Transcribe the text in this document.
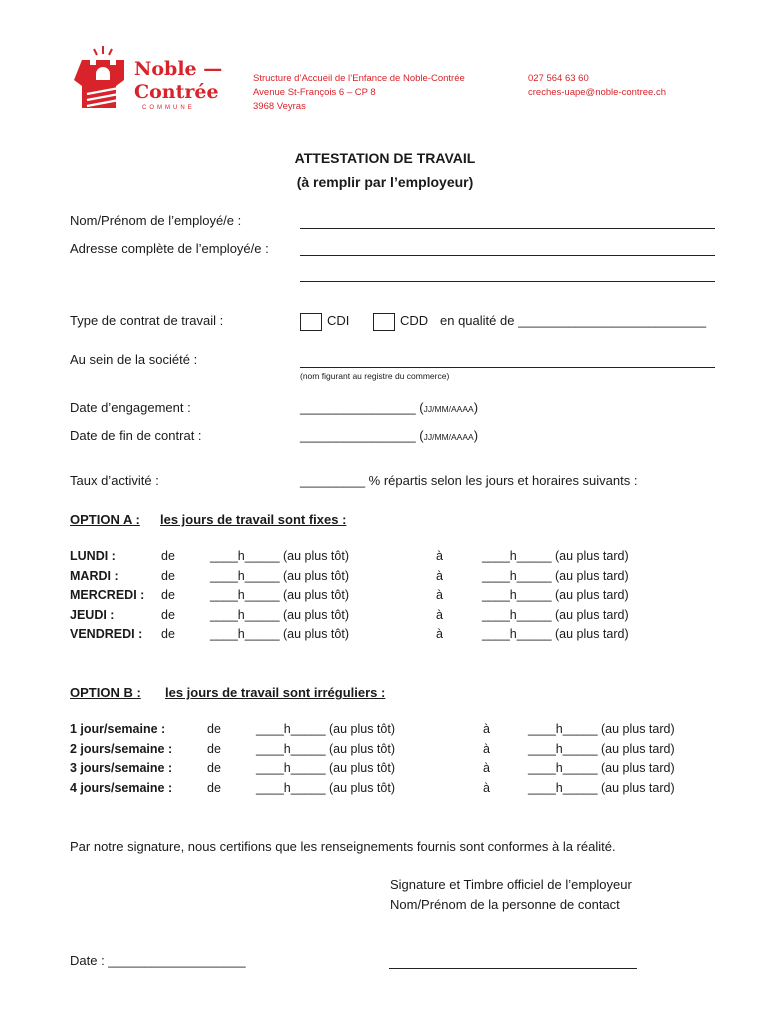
Noble —
Contrée
COMMUNE
Structure d’Accueil de l’Enfance de Noble-Contrée
Avenue St-François 6 – CP 8
3968 Veyras
027 564 63 60
creches-uape@noble-contree.ch
ATTESTATION DE TRAVAIL
(à remplir par l’employeur)
Nom/Prénom de l’employé/e :
Adresse complète de l’employé/e :
Type de contrat de travail :	CDI	CDD en qualité de __________________________
Au sein de la société :
(nom figurant au registre du commerce)
Date d’engagement :	________________ (JJ/MM/AAAA)
Date de fin de contrat :	________________ (JJ/MM/AAAA)
Taux d’activité :	_________ % répartis selon les jours et horaires suivants :
OPTION A : les jours de travail sont fixes :
LUNDI :	de	____h_____ (au plus tôt)	à	____h_____ (au plus tard)
MARDI :	de	____h_____ (au plus tôt)	à	____h_____ (au plus tard)
MERCREDI : de	____h_____ (au plus tôt)	à	____h_____ (au plus tard)
JEUDI :	de	____h_____ (au plus tôt)	à	____h_____ (au plus tard)
VENDREDI : de	____h_____ (au plus tôt)	à	____h_____ (au plus tard)
OPTION B : les jours de travail sont irréguliers :
1 jour/semaine :	de	____h_____ (au plus tôt)	à	____h_____ (au plus tard)
2 jours/semaine :	de	____h_____ (au plus tôt)	à	____h_____ (au plus tard)
3 jours/semaine :	de	____h_____ (au plus tôt)	à	____h_____ (au plus tard)
4 jours/semaine :	de	____h_____ (au plus tôt)	à	____h_____ (au plus tard)
Par notre signature, nous certifions que les renseignements fournis sont conformes à la réalité.
Signature et Timbre officiel de l’employeur
Nom/Prénom de la personne de contact
Date : ___________________
